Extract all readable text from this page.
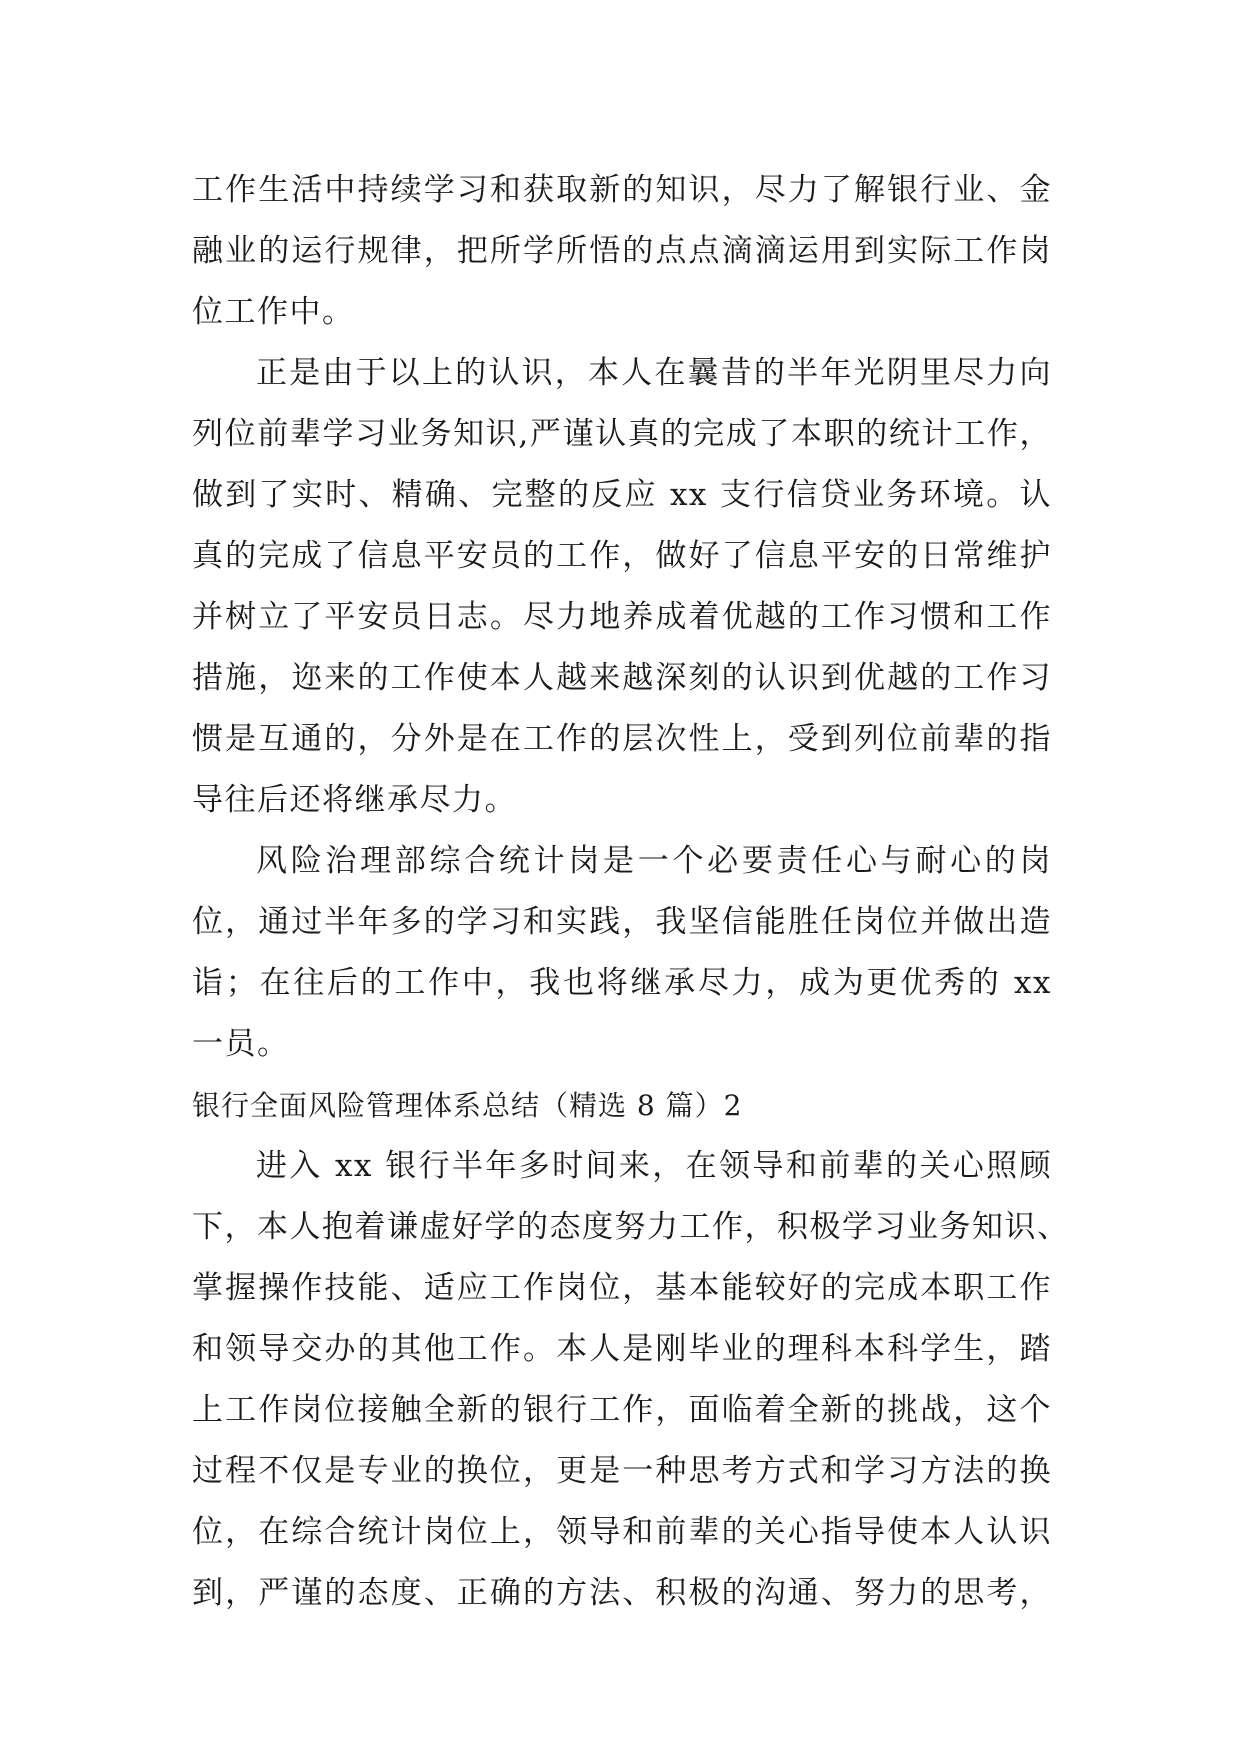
工作生活中持续学习和获取新的知识，尽力了解银行业、金
融业的运行规律，把所学所悟的点点滴滴运用到实际工作岗
位工作中。
正是由于以上的认识，本人在曩昔的半年光阴里尽力向
列位前辈学习业务知识,严谨认真的完成了本职的统计工作，
做到了实时、精确、完整的反应 xx 支行信贷业务环境。认
真的完成了信息平安员的工作，做好了信息平安的日常维护
并树立了平安员日志。尽力地养成着优越的工作习惯和工作
措施，迩来的工作使本人越来越深刻的认识到优越的工作习
惯是互通的，分外是在工作的层次性上，受到列位前辈的指
导往后还将继承尽力。
风险治理部综合统计岗是一个必要责任心与耐心的岗
位，通过半年多的学习和实践，我坚信能胜任岗位并做出造
诣；在往后的工作中，我也将继承尽力，成为更优秀的 xx
一员。
银行全面风险管理体系总结（精选 8 篇）2
进入 xx 银行半年多时间来，在领导和前辈的关心照顾
下，本人抱着谦虚好学的态度努力工作，积极学习业务知识、
掌握操作技能、适应工作岗位，基本能较好的完成本职工作
和领导交办的其他工作。本人是刚毕业的理科本科学生，踏
上工作岗位接触全新的银行工作，面临着全新的挑战，这个
过程不仅是专业的换位，更是一种思考方式和学习方法的换
位，在综合统计岗位上，领导和前辈的关心指导使本人认识
到，严谨的态度、正确的方法、积极的沟通、努力的思考，
